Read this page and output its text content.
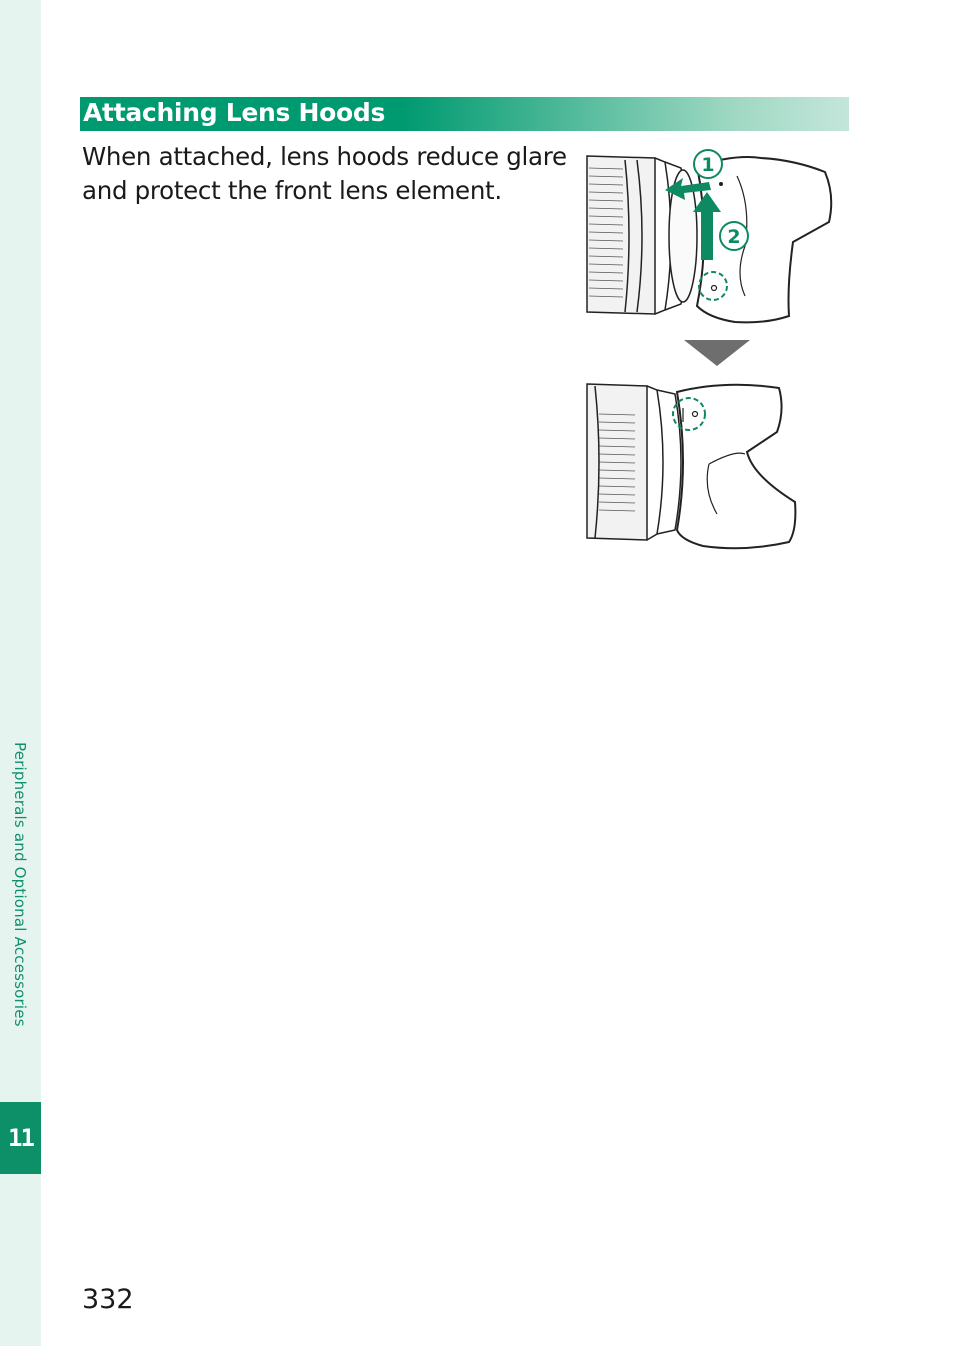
Peripherals and Optional Accessories
11
Attaching Lens Hoods

When attached, lens hoods reduce glare and protect the front lens element.

1
2
332
